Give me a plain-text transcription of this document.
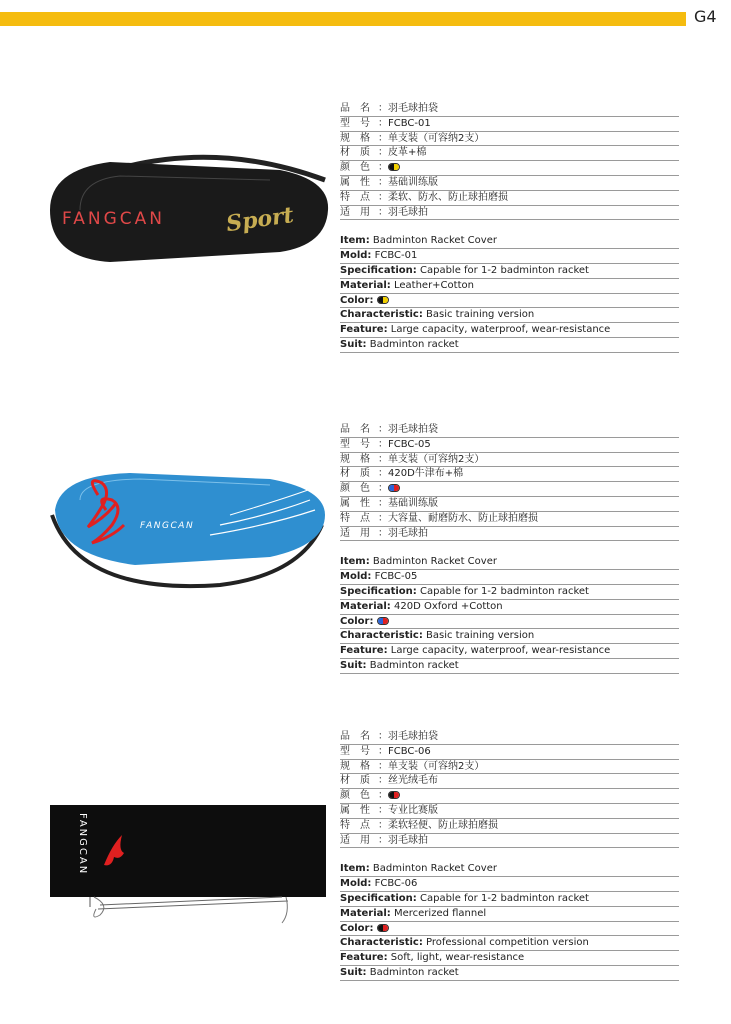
G4
FANGCAN	Sport
品　名 ：羽毛球拍袋
型　号 ：FCBC-01
规　格 ：单支装（可容纳2支）
材　质 ：皮革+棉
颜　色 ：
属　性 ：基础训练版
特　点 ：柔软、防水、防止球拍磨损
适　用 ：羽毛球拍
Item: Badminton Racket Cover
Mold: FCBC-01
Specification: Capable for 1-2 badminton racket
Material: Leather+Cotton
Color:
Characteristic: Basic training version
Feature: Large capacity, waterproof, wear-resistance
Suit: Badminton racket
FANGCAN
品　名 ：羽毛球拍袋
型　号 ：FCBC-05
规　格 ：单支装（可容纳2支）
材　质 ：420D牛津布+棉
颜　色 ：
属　性 ：基础训练版
特　点 ：大容量、耐磨防水、防止球拍磨损
适　用 ：羽毛球拍
Item: Badminton Racket Cover
Mold: FCBC-05
Specification: Capable for 1-2 badminton racket
Material: 420D Oxford +Cotton
Color:
Characteristic: Basic training version
Feature: Large capacity, waterproof, wear-resistance
Suit: Badminton racket
FANGCAN
品　名 ：羽毛球拍袋
型　号 ：FCBC-06
规　格 ：单支装（可容纳2支）
材　质 ：丝光绒毛布
颜　色 ：
属　性 ：专业比赛版
特　点 ：柔软轻便、防止球拍磨损
适　用 ：羽毛球拍
Item: Badminton Racket Cover
Mold: FCBC-06
Specification: Capable for 1-2 badminton racket
Material: Mercerized flannel
Color:
Characteristic: Professional competition version
Feature: Soft, light, wear-resistance
Suit: Badminton racket
